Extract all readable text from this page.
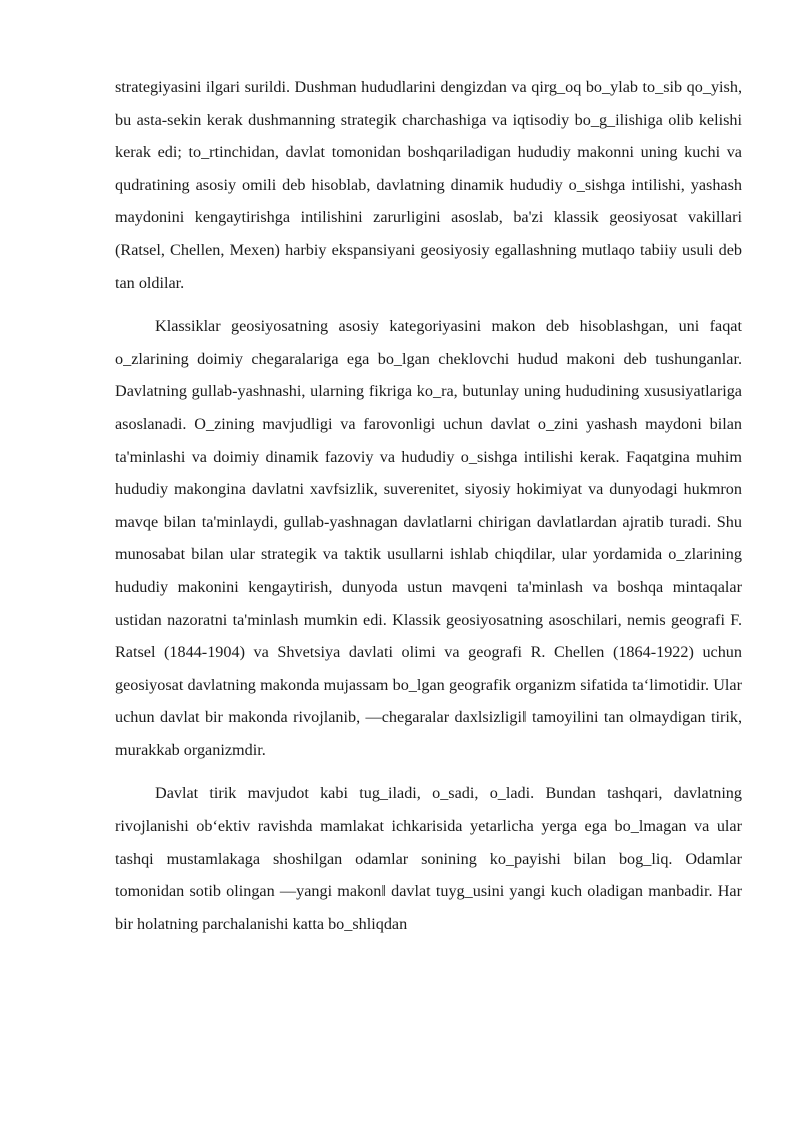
strategiyasini ilgari surildi. Dushman hududlarini dengizdan va qirg_oq bo_ylab to_sib qo_yish, bu asta-sekin kerak dushmanning strategik charchashiga va iqtisodiy bo_g_ilishiga olib kelishi kerak edi; to_rtinchidan, davlat tomonidan boshqariladigan hududiy makonni uning kuchi va qudratining asosiy omili deb hisoblab, davlatning dinamik hududiy o_sishga intilishi, yashash maydonini kengaytirishga intilishini zarurligini asoslab, ba'zi klassik geosiyosat vakillari (Ratsel, Chellen, Mexen) harbiy ekspansiyani geosiyosiy egallashning mutlaqo tabiiy usuli deb tan oldilar.

Klassiklar geosiyosatning asosiy kategoriyasini makon deb hisoblashgan, uni faqat o_zlarining doimiy chegaralariga ega bo_lgan cheklovchi hudud makoni deb tushunganlar. Davlatning gullab-yashnashi, ularning fikriga ko_ra, butunlay uning hududining xususiyatlariga asoslanadi. O_zining mavjudligi va farovonligi uchun davlat o_zini yashash maydoni bilan ta'minlashi va doimiy dinamik fazoviy va hududiy o_sishga intilishi kerak. Faqatgina muhim hududiy makongina davlatni xavfsizlik, suverenitet, siyosiy hokimiyat va dunyodagi hukmron mavqe bilan ta'minlaydi, gullab-yashnagan davlatlarni chirigan davlatlardan ajratib turadi. Shu munosabat bilan ular strategik va taktik usullarni ishlab chiqdilar, ular yordamida o_zlarining hududiy makonini kengaytirish, dunyoda ustun mavqeni ta'minlash va boshqa mintaqalar ustidan nazoratni ta'minlash mumkin edi. Klassik geosiyosatning asoschilari, nemis geografi F. Ratsel (1844-1904) va Shvetsiya davlati olimi va geografi R. Chellen (1864-1922) uchun geosiyosat davlatning makonda mujassam bo_lgan geografik organizm sifatida ta‘limotidir. Ular uchun davlat bir makonda rivojlanib, ―chegaralar daxlsizligi‖ tamoyilini tan olmaydigan tirik, murakkab organizmdir.

Davlat tirik mavjudot kabi tug_iladi, o_sadi, o_ladi. Bundan tashqari, davlatning rivojlanishi ob‘ektiv ravishda mamlakat ichkarisida yetarlicha yerga ega bo_lmagan va ular tashqi mustamlakaga shoshilgan odamlar sonining ko_payishi bilan bog_liq. Odamlar tomonidan sotib olingan ―yangi makon‖ davlat tuyg_usini yangi kuch oladigan manbadir. Har bir holatning parchalanishi katta bo_shliqdan
